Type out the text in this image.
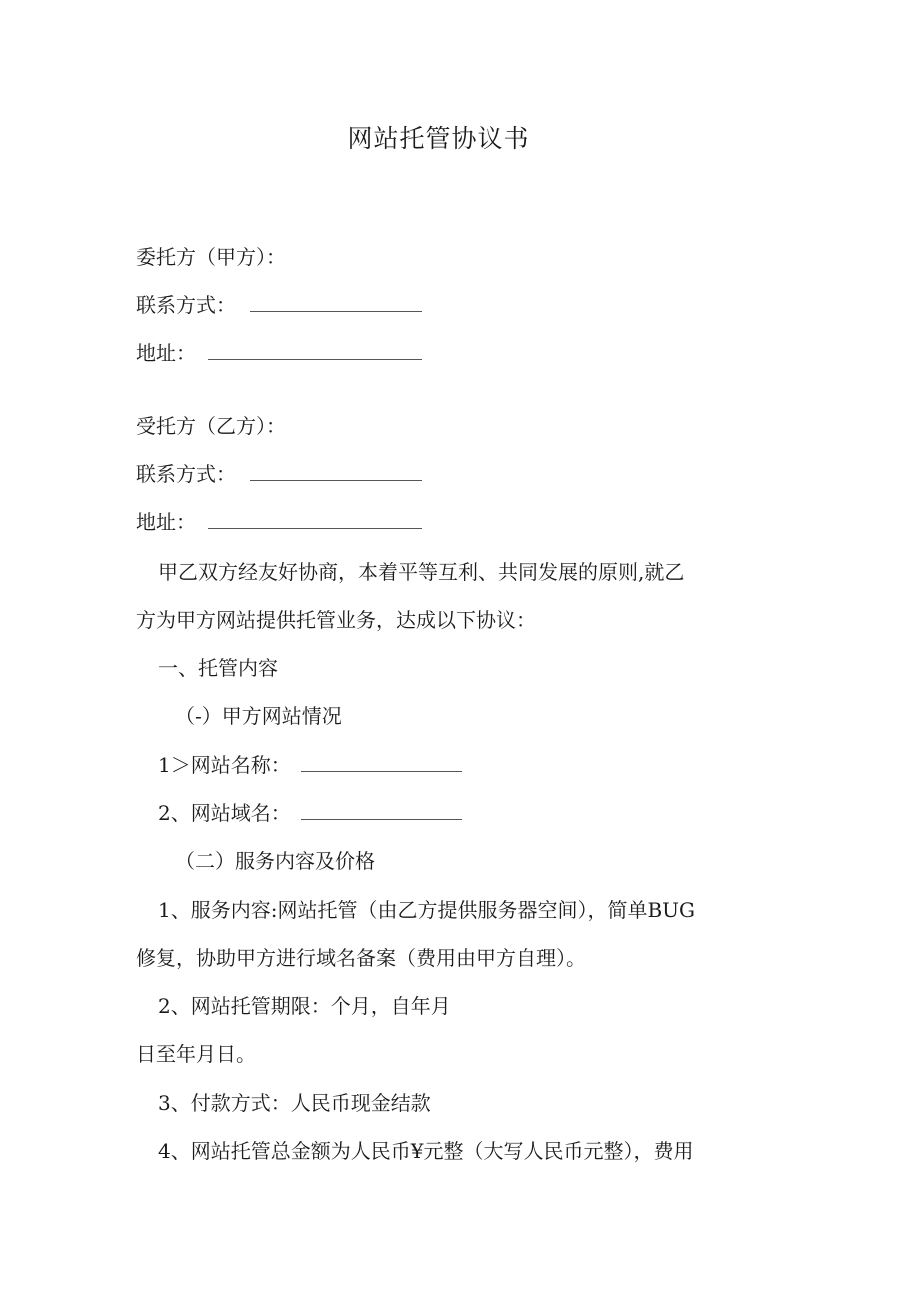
网站托管协议书
委托方（甲方）：
联系方式：
地址：
受托方（乙方）：
联系方式：
地址：
甲乙双方经友好协商，本着平等互利、共同发展的原则,就乙
方为甲方网站提供托管业务，达成以下协议：
一、托管内容
（-）甲方网站情况
1＞网站名称：
2、网站域名：
（二）服务内容及价格
1、服务内容:网站托管（由乙方提供服务器空间），简单BUG
修复，协助甲方进行域名备案（费用由甲方自理）。
2、网站托管期限：个月，自年月
日至年月日。
3、付款方式：人民币现金结款
4、网站托管总金额为人民币¥元整（大写人民币元整），费用
